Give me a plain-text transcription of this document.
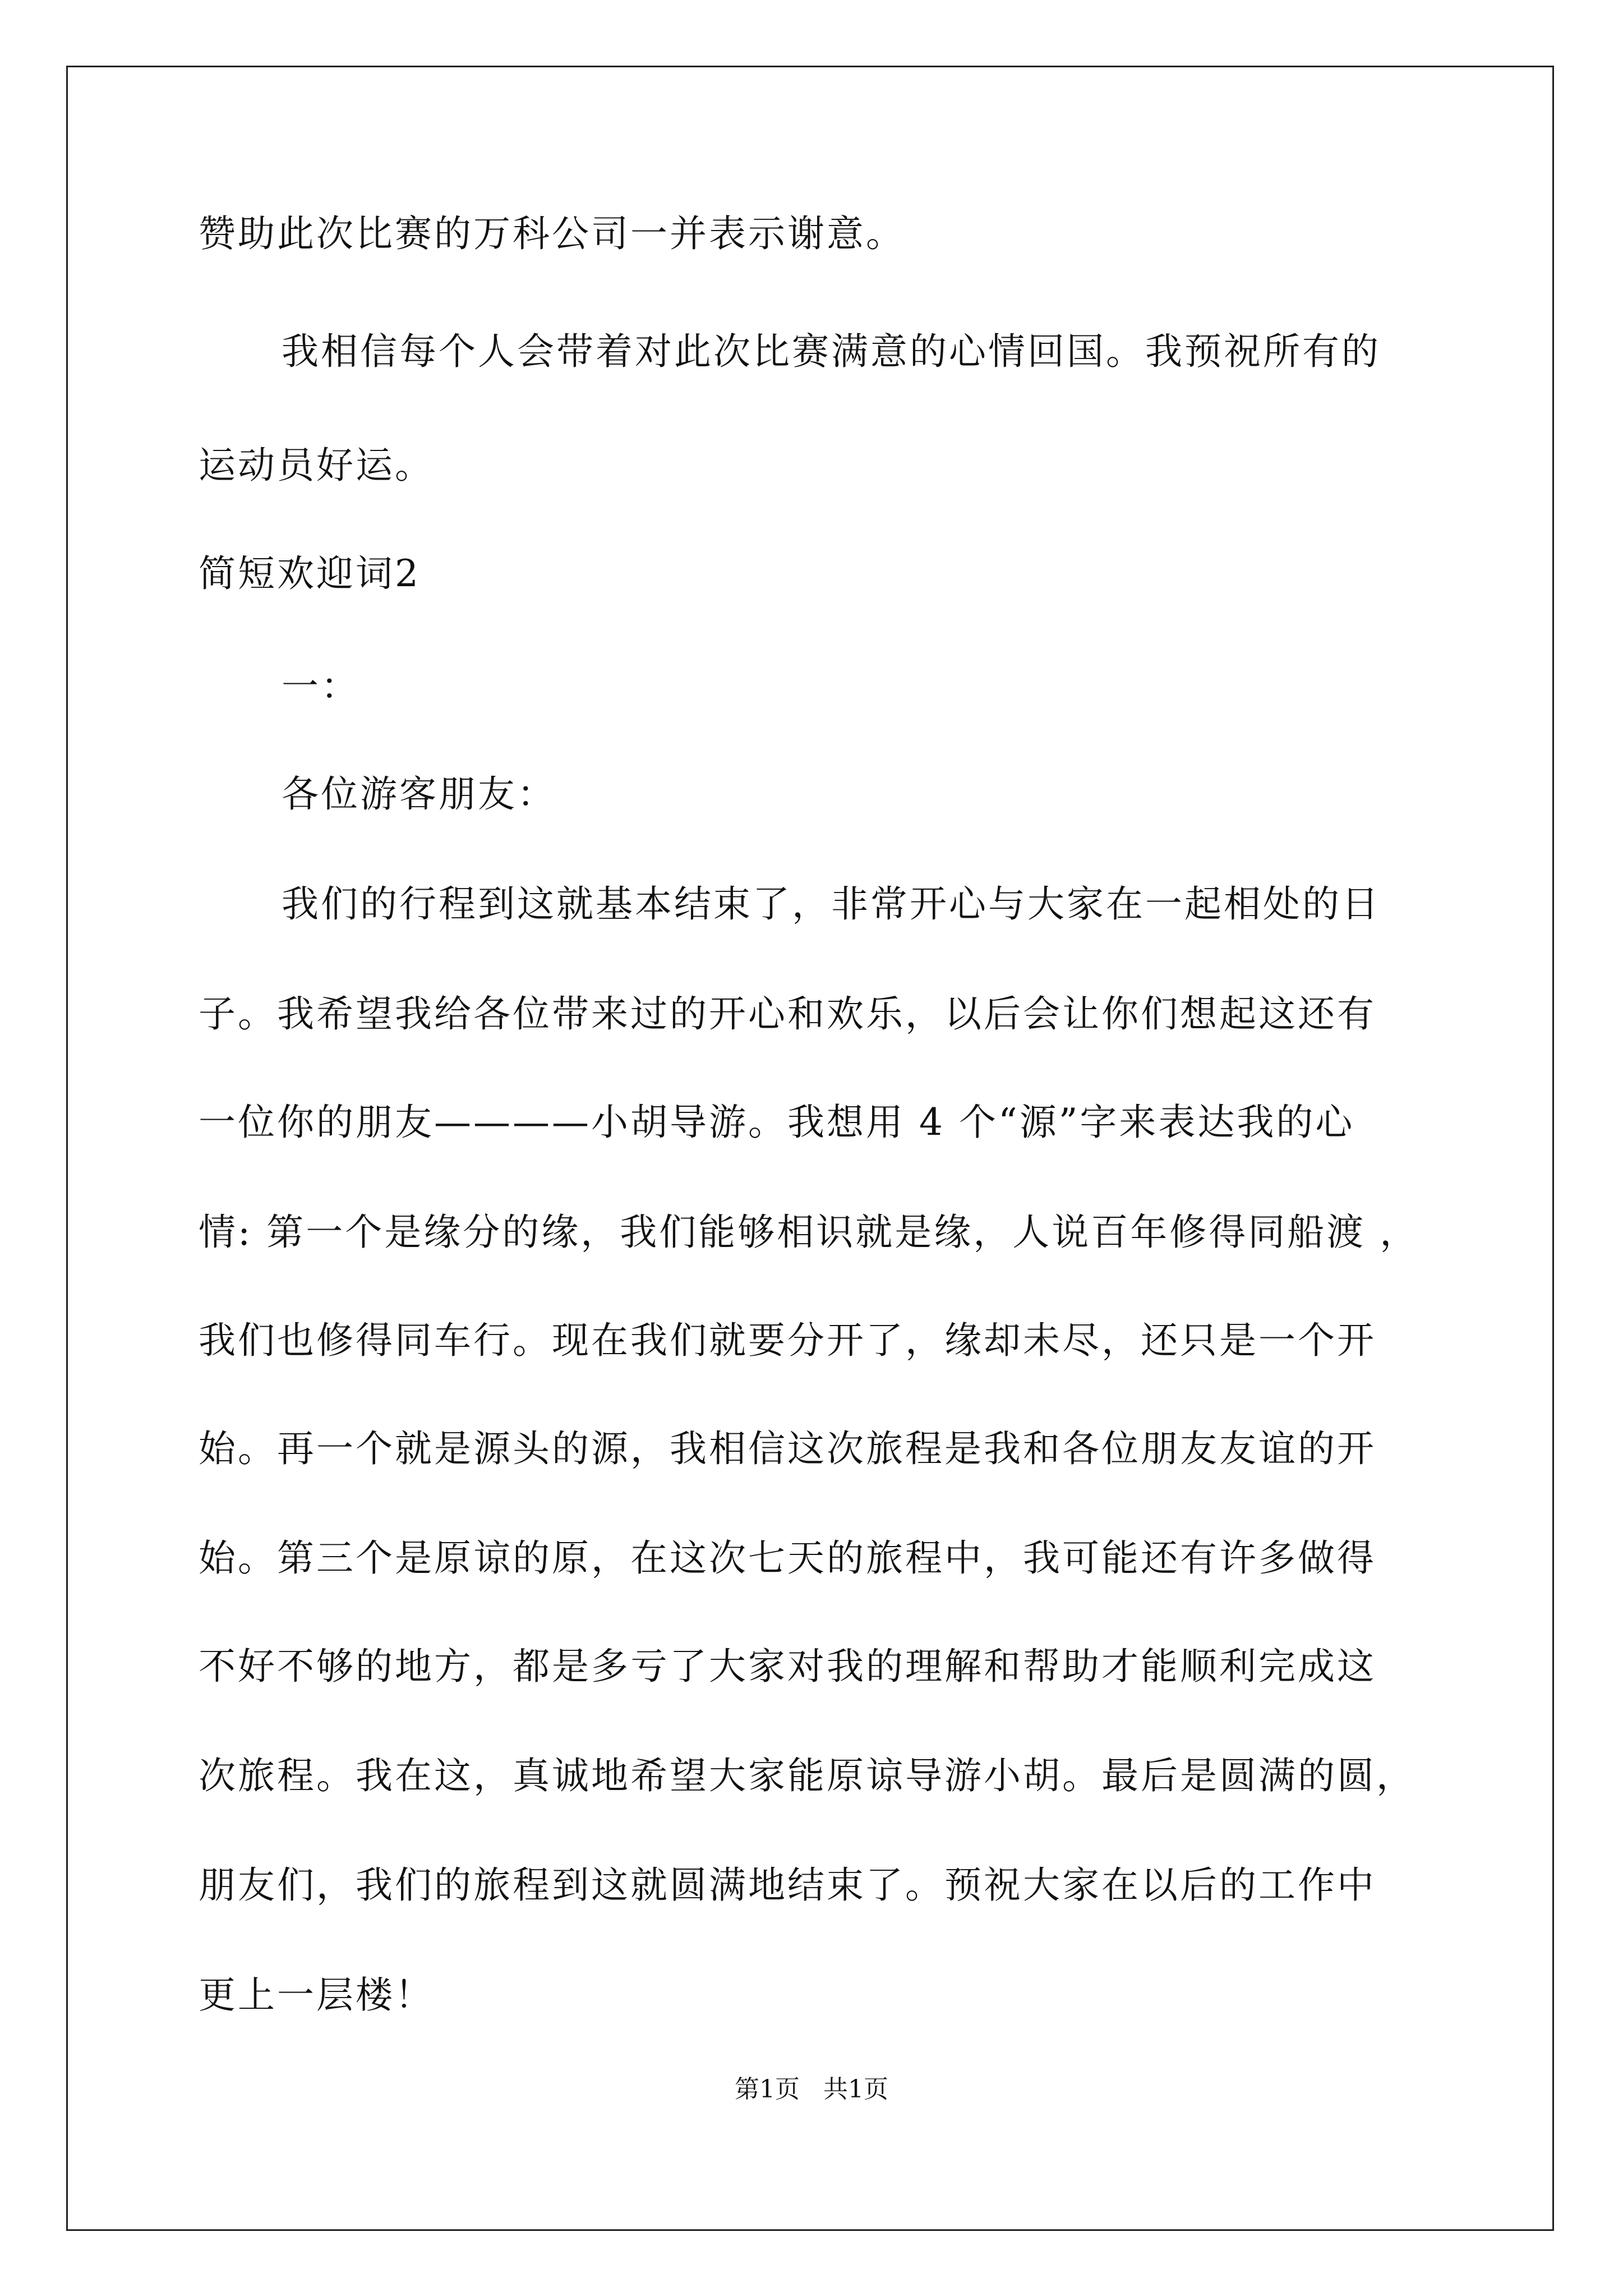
赞助此次比赛的万科公司一并表示谢意。
我相信每个人会带着对此次比赛满意的心情回国。我预祝所有的
运动员好运。
简短欢迎词2
一：
各位游客朋友：
我们的行程到这就基本结束了，非常开心与大家在一起相处的日
子。我希望我给各位带来过的开心和欢乐，以后会让你们想起这还有
一位你的朋友————小胡导游。我想用 4 个“源”字来表达我的心
情: 第一个是缘分的缘，我们能够相识就是缘，人说百年修得同船渡 ，
我们也修得同车行。现在我们就要分开了，缘却未尽，还只是一个开
始。再一个就是源头的源，我相信这次旅程是我和各位朋友友谊的开
始。第三个是原谅的原，在这次七天的旅程中，我可能还有许多做得
不好不够的地方，都是多亏了大家对我的理解和帮助才能顺利完成这
次旅程。我在这，真诚地希望大家能原谅导游小胡。最后是圆满的圆，
朋友们，我们的旅程到这就圆满地结束了。预祝大家在以后的工作中
更上一层楼！
第1页   共1页
